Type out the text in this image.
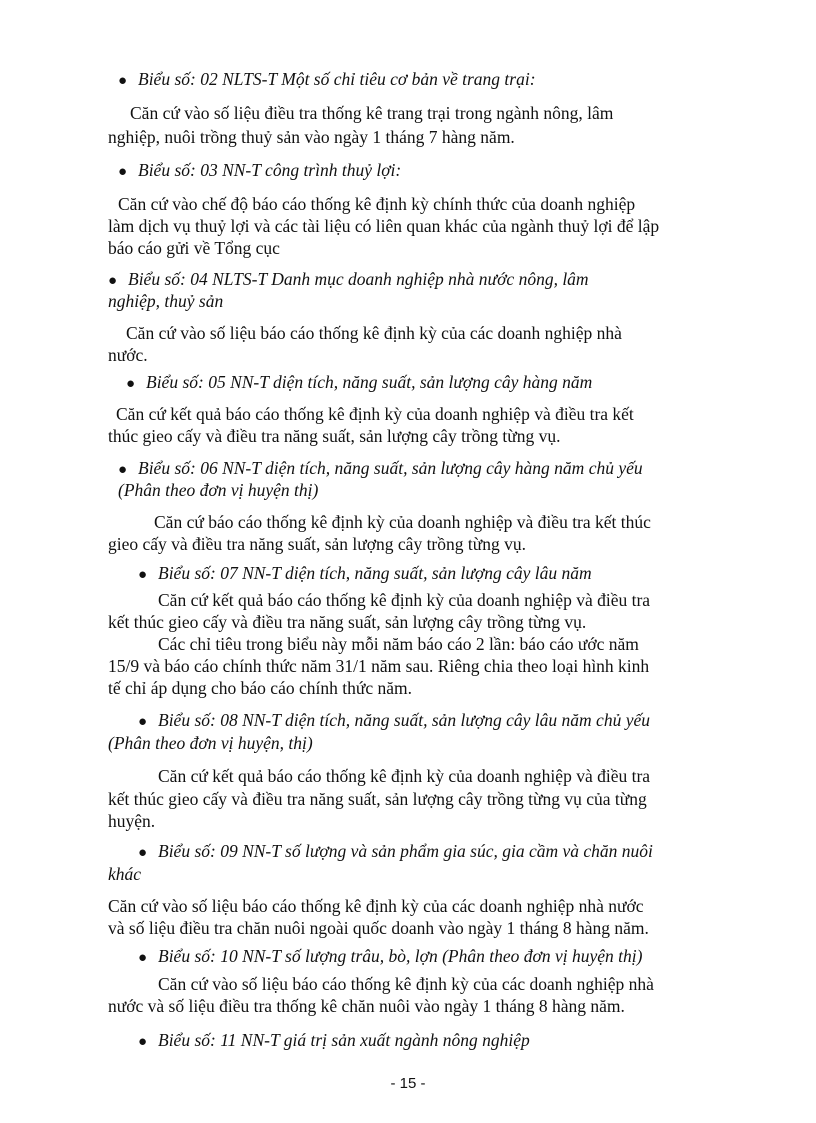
● Biểu số: 02 NLTS-T Một số chỉ tiêu cơ bản về trang trại:
Căn cứ vào số liệu điều tra thống kê trang trại trong ngành nông, lâm
nghiệp, nuôi trồng thuỷ sản vào ngày 1 tháng 7 hàng năm.
● Biểu số: 03 NN-T công trình thuỷ lợi:
Căn cứ vào chế độ báo cáo thống kê định kỳ chính thức của doanh nghiệp
làm dịch vụ thuỷ lợi và các tài liệu có liên quan khác của ngành thuỷ lợi để lập
báo cáo gửi về Tổng cục
● Biểu số: 04 NLTS-T Danh mục doanh nghiệp nhà nước nông, lâm
nghiệp, thuỷ sản
Căn cứ vào số liệu báo cáo thống kê định kỳ của các doanh nghiệp nhà
nước.
● Biểu số: 05 NN-T diện tích, năng suất, sản lượng cây hàng năm
Căn cứ kết quả báo cáo thống kê định kỳ của doanh nghiệp và điều tra kết
thúc gieo cấy và điều tra năng suất, sản lượng cây trồng từng vụ.
● Biểu số: 06 NN-T diện tích, năng suất, sản lượng cây hàng năm chủ yếu
(Phân theo đơn vị huyện thị)
Căn cứ báo cáo thống kê định kỳ của doanh nghiệp và điều tra kết thúc
gieo cấy và điều tra năng suất, sản lượng cây trồng từng vụ.
● Biểu số: 07 NN-T diện tích, năng suất, sản lượng cây lâu năm
Căn cứ kết quả báo cáo thống kê định kỳ của doanh nghiệp và điều tra
kết thúc gieo cấy và điều tra năng suất, sản lượng cây trồng từng vụ.
Các chỉ tiêu trong biểu này mỗi năm báo cáo 2 lần: báo cáo ước năm
15/9 và báo cáo chính thức năm 31/1 năm sau. Riêng chia theo loại hình kinh
tế chỉ áp dụng cho báo cáo chính thức năm.
● Biểu số: 08 NN-T diện tích, năng suất, sản lượng cây lâu năm chủ yếu
(Phân theo đơn vị huyện, thị)
Căn cứ kết quả báo cáo thống kê định kỳ của doanh nghiệp và điều tra
kết thúc gieo cấy và điều tra năng suất, sản lượng cây trồng từng vụ của từng
huyện.
● Biểu số: 09 NN-T số lượng và sản phẩm gia súc, gia cầm và chăn nuôi
khác
Căn cứ vào số liệu báo cáo thống kê định kỳ của các doanh nghiệp nhà nước
và số liệu điều tra chăn nuôi ngoài quốc doanh vào ngày 1 tháng 8 hàng năm.
● Biểu số: 10 NN-T số lượng trâu, bò, lợn (Phân theo đơn vị huyện thị)
Căn cứ vào số liệu báo cáo thống kê định kỳ của các doanh nghiệp nhà
nước và số liệu điều tra thống kê chăn nuôi vào ngày 1 tháng 8 hàng năm.
● Biểu số: 11 NN-T giá trị sản xuất ngành nông nghiệp
- 15 -
